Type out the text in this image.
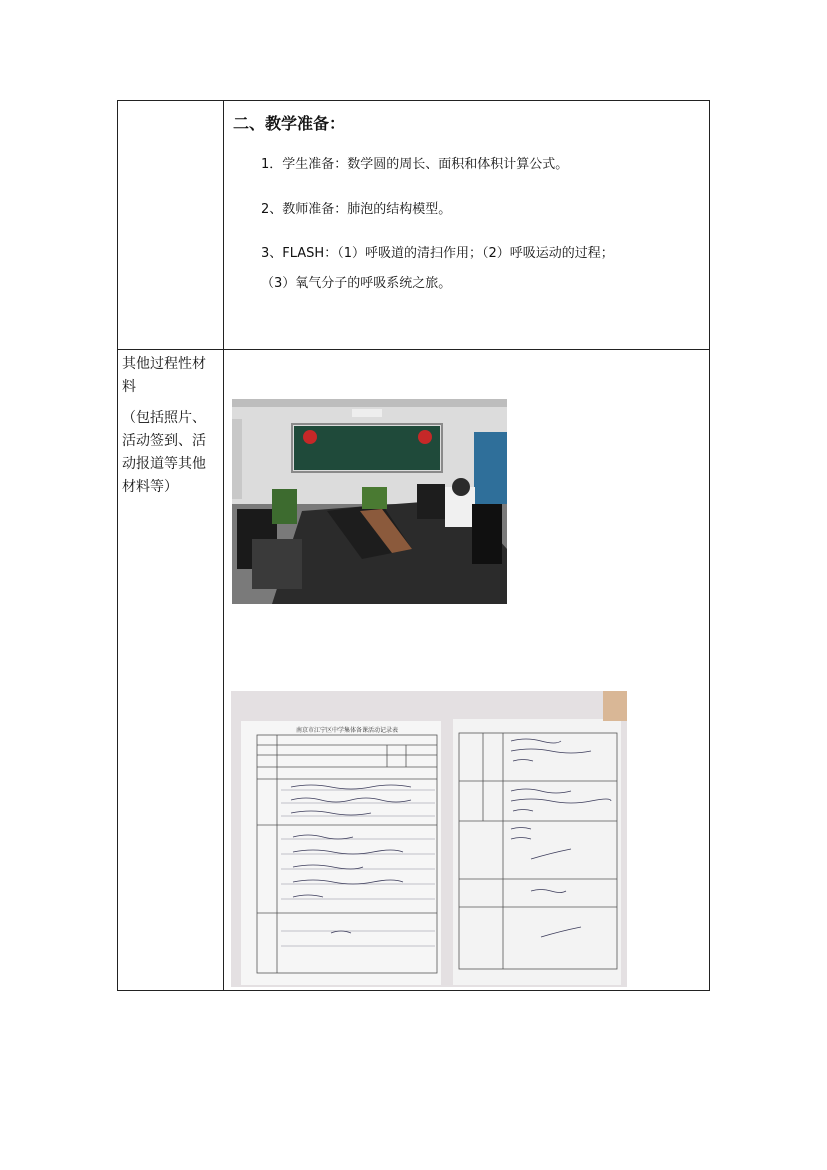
二、教学准备：
1．学生准备：数学圆的周长、面积和体积计算公式。
2、教师准备：肺泡的结构模型。
3、FLASH：（1）呼吸道的清扫作用；（2）呼吸运动的过程；
（3）氧气分子的呼吸系统之旅。

其他过程性材

料

（包括照片、

活动签到、活

动报道等其他

材料等）

南京市江宁区中学集体备课活动记录表
